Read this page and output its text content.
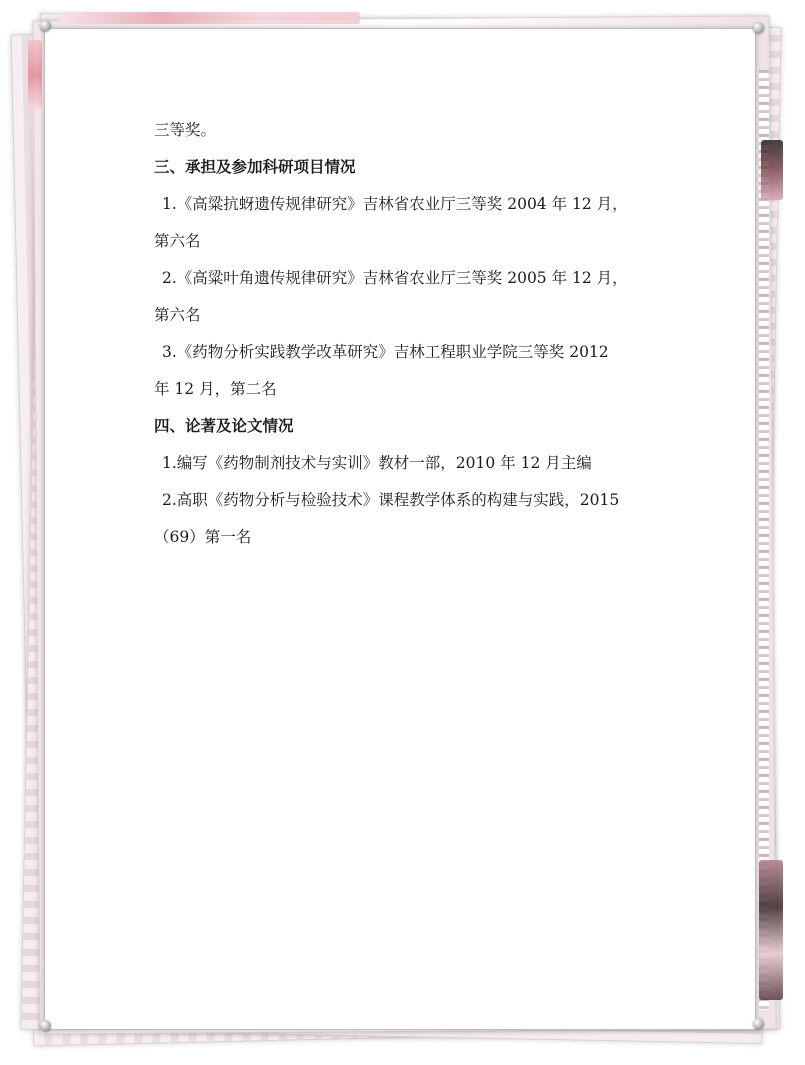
三等奖。
三、承担及参加科研项目情况
1.《高粱抗蚜遗传规律研究》吉林省农业厅三等奖 2004 年 12 月，
第六名
2.《高粱叶角遗传规律研究》吉林省农业厅三等奖 2005 年 12 月，
第六名
3.《药物分析实践教学改革研究》吉林工程职业学院三等奖 2012
年 12 月，第二名
四、论著及论文情况
1.编写《药物制剂技术与实训》教材一部，2010 年 12 月主编
2.高职《药物分析与检验技术》课程教学体系的构建与实践，2015
（69）第一名
